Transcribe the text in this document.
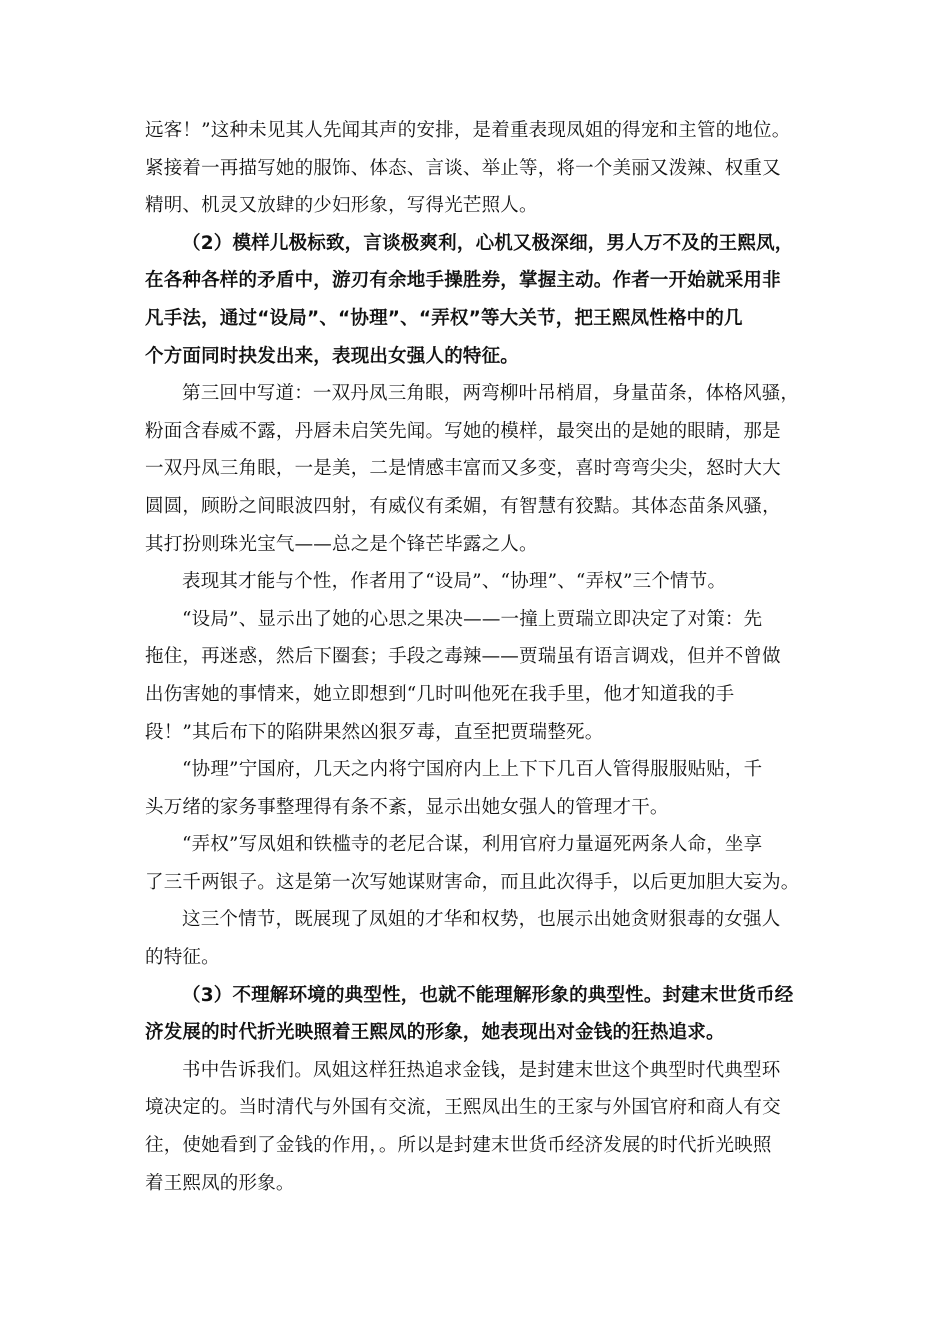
远客！”这种未见其人先闻其声的安排，是着重表现凤姐的得宠和主管的地位。
紧接着一再描写她的服饰、体态、言谈、举止等，将一个美丽又泼辣、权重又
精明、机灵又放肆的少妇形象，写得光芒照人。

（2）模样儿极标致，言谈极爽利，心机又极深细，男人万不及的王熙凤，
在各种各样的矛盾中，游刃有余地手操胜券，掌握主动。作者一开始就采用非
凡手法，通过“设局”、“协理”、“弄权”等大关节，把王熙凤性格中的几
个方面同时抉发出来，表现出女强人的特征。

第三回中写道：一双丹凤三角眼，两弯柳叶吊梢眉，身量苗条，体格风骚，
粉面含春威不露，丹唇未启笑先闻。写她的模样，最突出的是她的眼睛，那是
一双丹凤三角眼，一是美，二是情感丰富而又多变，喜时弯弯尖尖，怒时大大
圆圆，顾盼之间眼波四射，有威仪有柔媚，有智慧有狡黠。其体态苗条风骚，
其打扮则珠光宝气——总之是个锋芒毕露之人。

表现其才能与个性，作者用了“设局”、“协理”、“弄权”三个情节。

“设局”、显示出了她的心思之果决——一撞上贾瑞立即决定了对策：先
拖住，再迷惑，然后下圈套；手段之毒辣——贾瑞虽有语言调戏，但并不曾做
出伤害她的事情来，她立即想到“几时叫他死在我手里，他才知道我的手
段！”其后布下的陷阱果然凶狠歹毒，直至把贾瑞整死。

“协理”宁国府，几天之内将宁国府内上上下下几百人管得服服贴贴，千
头万绪的家务事整理得有条不紊，显示出她女强人的管理才干。

“弄权”写凤姐和铁槛寺的老尼合谋，利用官府力量逼死两条人命，坐享
了三千两银子。这是第一次写她谋财害命，而且此次得手，以后更加胆大妄为。

这三个情节，既展现了凤姐的才华和权势，也展示出她贪财狠毒的女强人
的特征。

（3）不理解环境的典型性，也就不能理解形象的典型性。封建末世货币经
济发展的时代折光映照着王熙凤的形象，她表现出对金钱的狂热追求。

书中告诉我们。凤姐这样狂热追求金钱，是封建末世这个典型时代典型环
境决定的。当时清代与外国有交流，王熙凤出生的王家与外国官府和商人有交
往，使她看到了金钱的作用，。所以是封建末世货币经济发展的时代折光映照
着王熙凤的形象。
